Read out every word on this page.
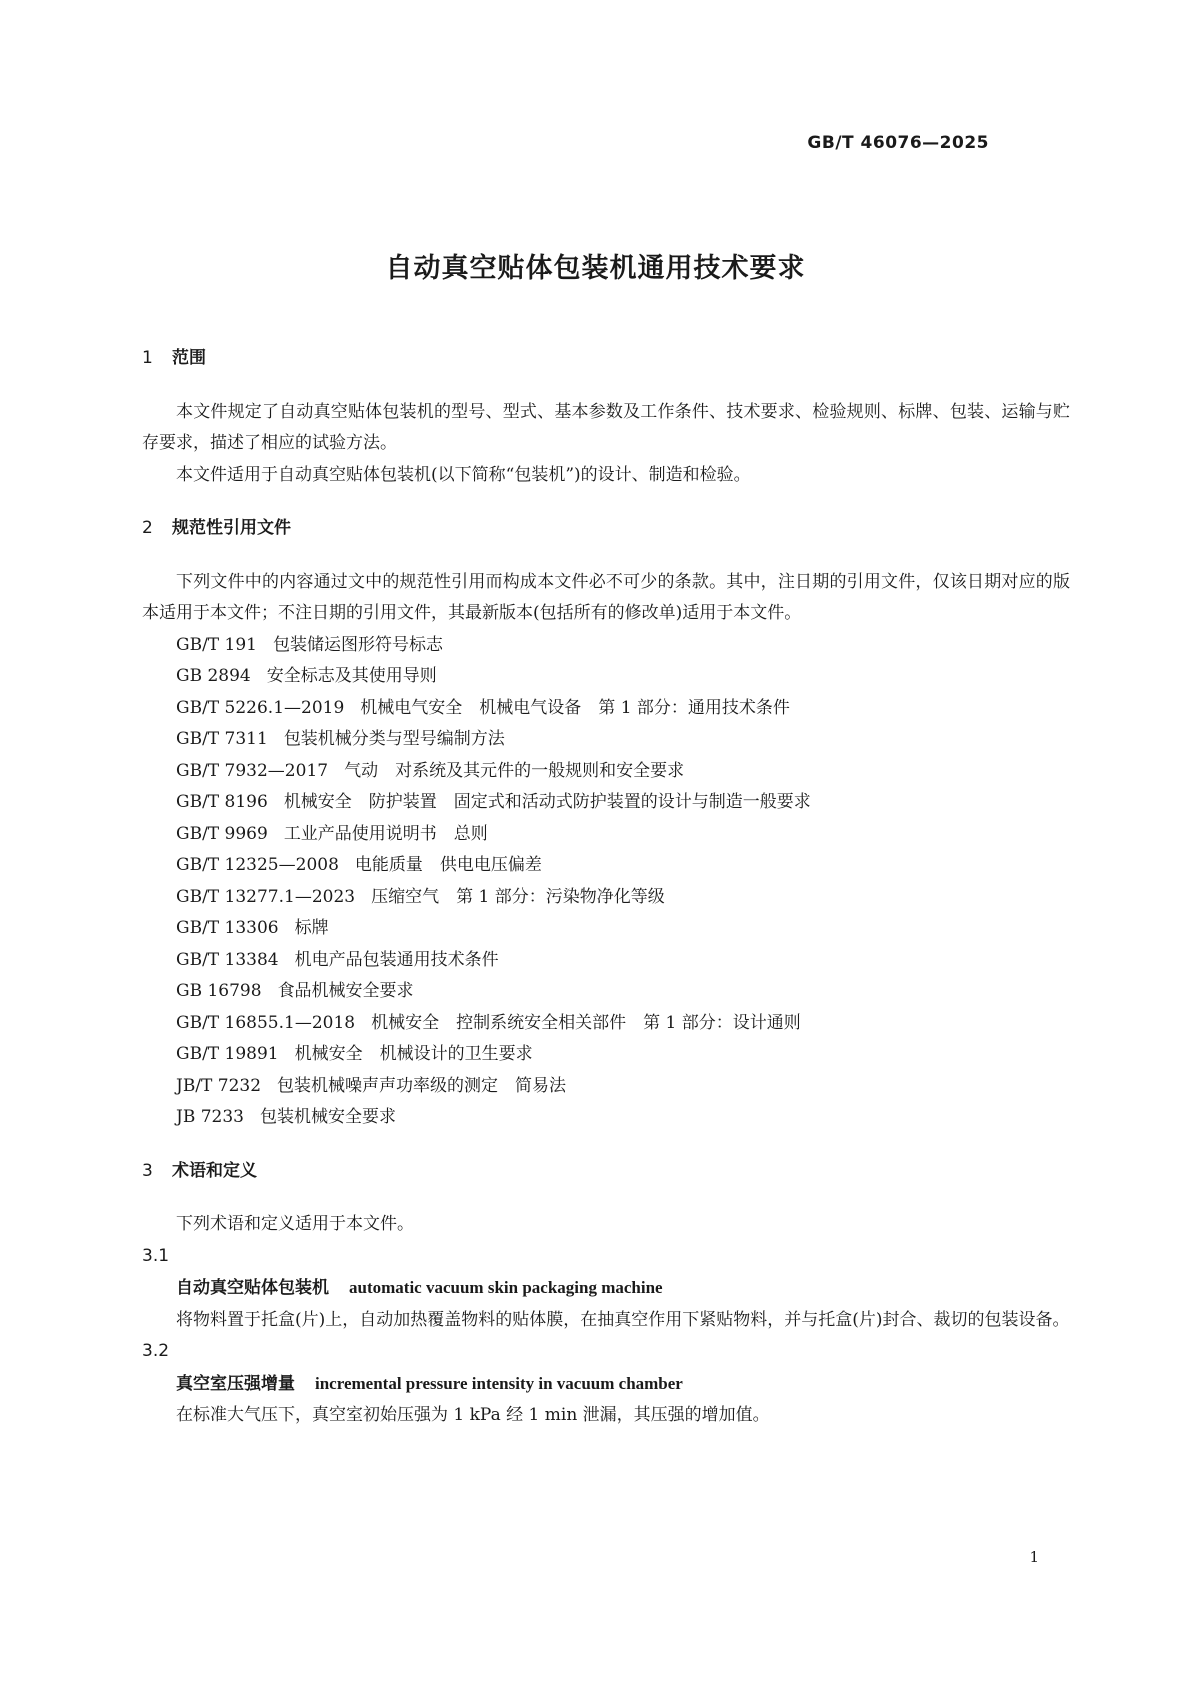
GB/T 46076—2025
自动真空贴体包装机通用技术要求

1 范围

本文件规定了自动真空贴体包装机的型号、型式、基本参数及工作条件、技术要求、检验规则、标牌、包装、运输与贮存要求，描述了相应的试验方法。

本文件适用于自动真空贴体包装机(以下简称“包装机”)的设计、制造和检验。

2 规范性引用文件

下列文件中的内容通过文中的规范性引用而构成本文件必不可少的条款。其中，注日期的引用文件，仅该日期对应的版本适用于本文件；不注日期的引用文件，其最新版本(包括所有的修改单)适用于本文件。

GB/T 191 包装储运图形符号标志

GB 2894 安全标志及其使用导则

GB/T 5226.1—2019 机械电气安全　机械电气设备　第 1 部分：通用技术条件

GB/T 7311 包装机械分类与型号编制方法

GB/T 7932—2017 气动　对系统及其元件的一般规则和安全要求

GB/T 8196 机械安全　防护装置　固定式和活动式防护装置的设计与制造一般要求

GB/T 9969 工业产品使用说明书　总则

GB/T 12325—2008 电能质量　供电电压偏差

GB/T 13277.1—2023 压缩空气　第 1 部分：污染物净化等级

GB/T 13306 标牌

GB/T 13384 机电产品包装通用技术条件

GB 16798 食品机械安全要求

GB/T 16855.1—2018 机械安全　控制系统安全相关部件　第 1 部分：设计通则

GB/T 19891 机械安全　机械设计的卫生要求

JB/T 7232 包装机械噪声声功率级的测定　简易法

JB 7233 包装机械安全要求

3 术语和定义

下列术语和定义适用于本文件。

3.1

自动真空贴体包装机 automatic vacuum skin packaging machine

将物料置于托盒(片)上，自动加热覆盖物料的贴体膜，在抽真空作用下紧贴物料，并与托盒(片)封合、裁切的包装设备。

3.2

真空室压强增量 incremental pressure intensity in vacuum chamber

在标准大气压下，真空室初始压强为 1 kPa 经 1 min 泄漏，其压强的增加值。

1
